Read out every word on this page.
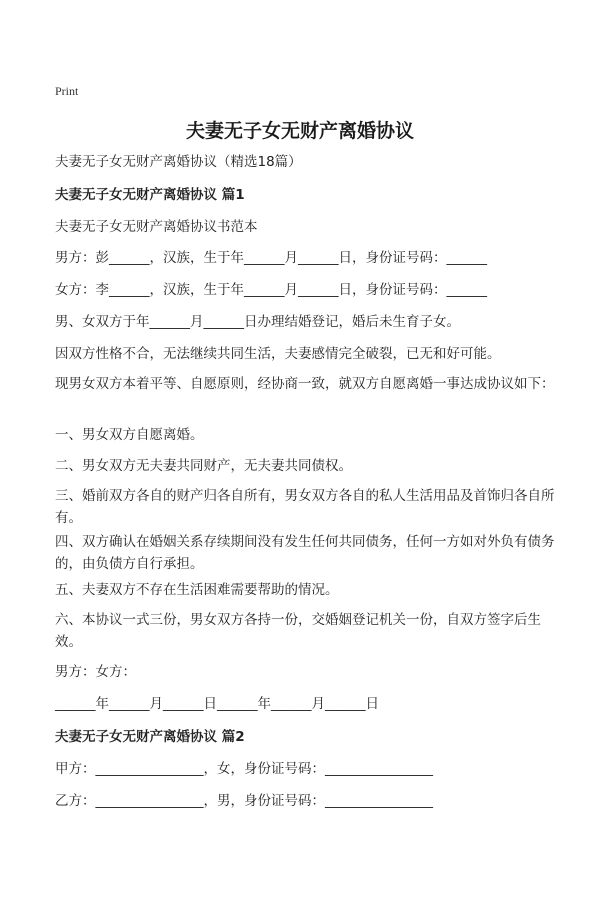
Print
夫妻无子女无财产离婚协议
夫妻无子女无财产离婚协议（精选18篇）
夫妻无子女无财产离婚协议 篇1
夫妻无子女无财产离婚协议书范本
男方：彭______，汉族，生于年______月______日，身份证号码：______
女方：李______，汉族，生于年______月______日，身份证号码：______
男、女双方于年______月______日办理结婚登记，婚后未生育子女。
因双方性格不合，无法继续共同生活，夫妻感情完全破裂，已无和好可能。
现男女双方本着平等、自愿原则，经协商一致，就双方自愿离婚一事达成协议如下：
一、男女双方自愿离婚。
二、男女双方无夫妻共同财产，无夫妻共同债权。
三、婚前双方各自的财产归各自所有，男女双方各自的私人生活用品及首饰归各自所有。
四、双方确认在婚姻关系存续期间没有发生任何共同债务，任何一方如对外负有债务的，由负债方自行承担。
五、夫妻双方不存在生活困难需要帮助的情况。
六、本协议一式三份，男女双方各持一份，交婚姻登记机关一份，自双方签字后生效。
男方：女方：
______年______月______日______年______月______日
夫妻无子女无财产离婚协议 篇2
甲方：________________，女，身份证号码：________________
乙方：________________，男，身份证号码：________________
